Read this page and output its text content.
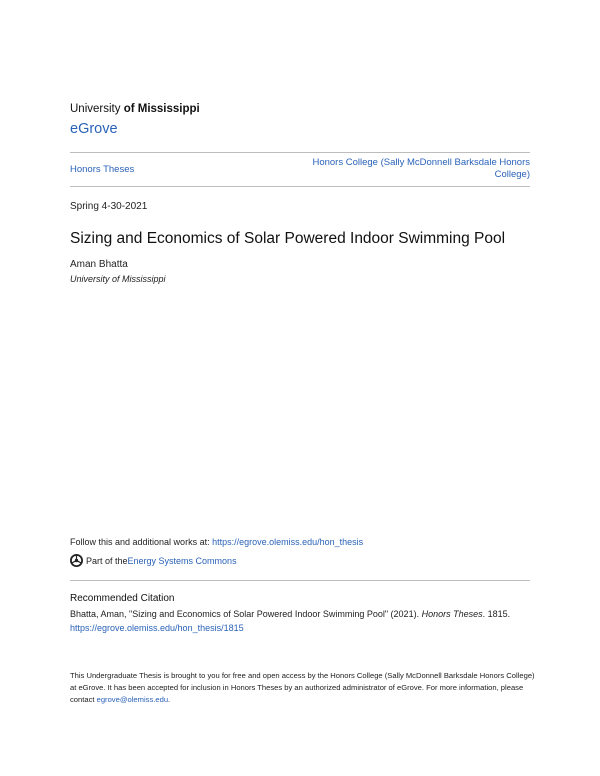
University of Mississippi
eGrove
Honors Theses
Honors College (Sally McDonnell Barksdale Honors College)
Spring 4-30-2021
Sizing and Economics of Solar Powered Indoor Swimming Pool
Aman Bhatta
University of Mississippi
Follow this and additional works at: https://egrove.olemiss.edu/hon_thesis
Part of the Energy Systems Commons
Recommended Citation
Bhatta, Aman, "Sizing and Economics of Solar Powered Indoor Swimming Pool" (2021). Honors Theses. 1815.
https://egrove.olemiss.edu/hon_thesis/1815
This Undergraduate Thesis is brought to you for free and open access by the Honors College (Sally McDonnell Barksdale Honors College) at eGrove. It has been accepted for inclusion in Honors Theses by an authorized administrator of eGrove. For more information, please contact egrove@olemiss.edu.
